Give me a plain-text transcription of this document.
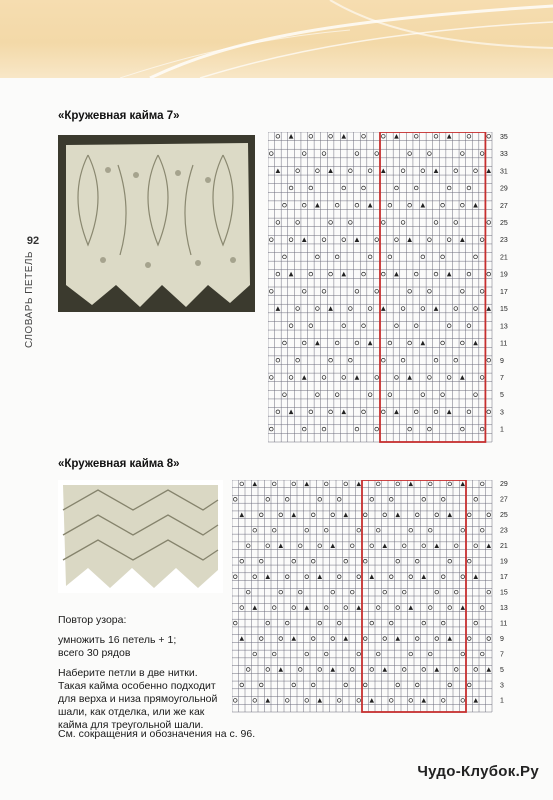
92
СЛОВАРЬ ПЕТЕЛЬ
«Кружевная кайма 7»
35
33
31
29
27
25
23
21
19
17
15
13
11
9
7
5
3
1
«Кружевная кайма 8»
29
27
25
23
21
19
17
15
13
11
9
7
5
3
1
Повтор узора:
умножить 16 петель + 1;
всего 30 рядов
Наберите петли в две нитки.
Такая кайма особенно подходит
для верха и низа прямоугольной
шали, как отделка, или же как
кайма для треугольной шали.
См. сокращения и обозначения на с. 96.
Чудо-Клубок.Ру
